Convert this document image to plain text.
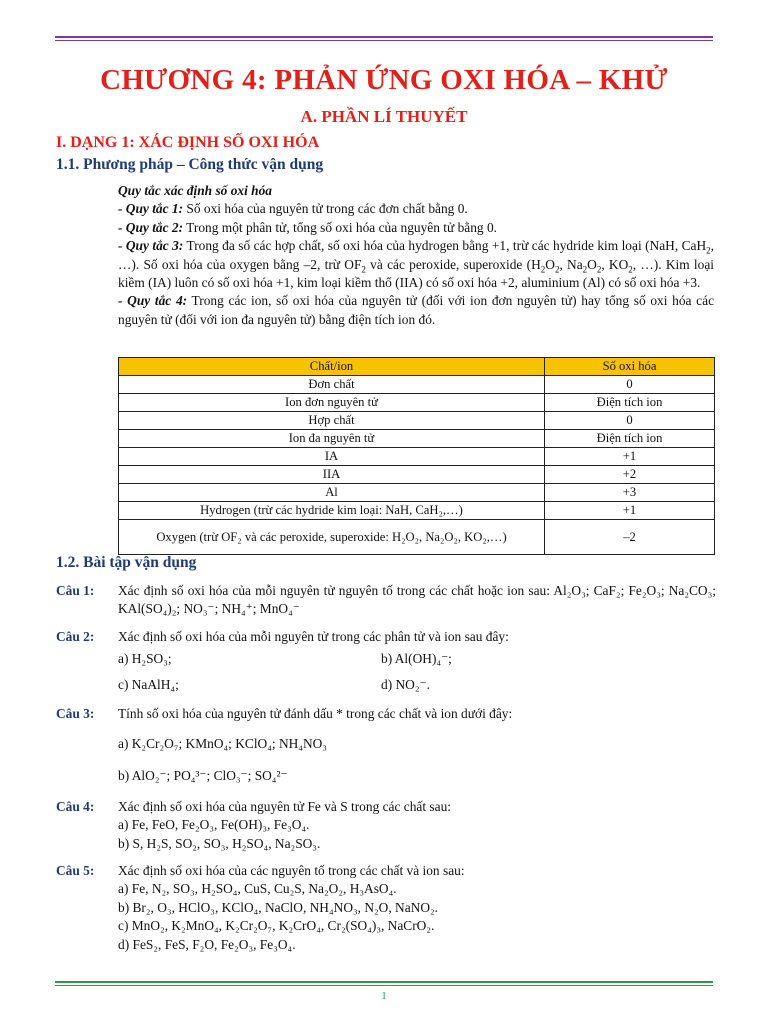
CHƯƠNG 4: PHẢN ỨNG OXI HÓA – KHỬ
A. PHẦN LÍ THUYẾT
I. DẠNG 1: XÁC ĐỊNH SỐ OXI HÓA
1.1. Phương pháp – Công thức vận dụng
Quy tắc xác định số oxi hóa
- Quy tắc 1: Số oxi hóa của nguyên tử trong các đơn chất bằng 0.
- Quy tắc 2: Trong một phân tử, tổng số oxi hóa của nguyên tử bằng 0.
- Quy tắc 3: Trong đa số các hợp chất, số oxi hóa của hydrogen bằng +1, trừ các hydride kim loại (NaH, CaH$_2$, …). Số oxi hóa của oxygen bằng –2, trừ $OF_2$ và các peroxide, superoxide ($H_2O_2$, $Na_2O_2$, $KO_2$, …). Kim loại kiềm (IA) luôn có số oxi hóa +1, kim loại kiềm thổ (IIA) có số oxi hóa +2, aluminium (Al) có số oxi hóa +3.
- Quy tắc 4: Trong các ion, số oxi hóa của nguyên tử (đối với ion đơn nguyên tử) hay tổng số oxi hóa các nguyên tử (đối với ion đa nguyên tử) bằng điện tích ion đó.
Chất/ion	Số oxi hóa
Đơn chất	0
Ion đơn nguyên tử	Điện tích ion
Hợp chất	0
Ion đa nguyên tử	Điện tích ion
IA	+1
IIA	+2
Al	+3
Hydrogen (trừ các hydride kim loại: NaH, CaH₂,…)	+1
Oxygen (trừ OF₂ và các peroxide, superoxide: H₂O₂, Na₂O₂, KO₂,…)	–2
1.2. Bài tập vận dụng
Câu 1: Xác định số oxi hóa của mỗi nguyên tử nguyên tố trong các chất hoặc ion sau: Al₂O₃; CaF₂; Fe₂O₃; Na₂CO₃; KAl(SO₄)₂; NO₃⁻; NH₄⁺; MnO₄⁻
Câu 2: Xác định số oxi hóa của mỗi nguyên tử trong các phân tử và ion sau đây:
a) H₂SO₃;	b) Al(OH)₄⁻;
c) NaAlH₄;	d) NO₂⁻.
Câu 3: Tính số oxi hóa của nguyên tử đánh dấu * trong các chất và ion dưới đây:
a) K₂Cr₂O₇; KMnO₄; KClO₄; NH₄NO₃
b) AlO₂⁻; PO₄³⁻; ClO₃⁻; SO₄²⁻
Câu 4: Xác định số oxi hóa của nguyên tử Fe và S trong các chất sau:
a) Fe, FeO, Fe₂O₃, Fe(OH)₃, Fe₃O₄.
b) S, H₂S, SO₂, SO₃, H₂SO₄, Na₂SO₃.
Câu 5: Xác định số oxi hóa của các nguyên tố trong các chất và ion sau:
a) Fe, N₂, SO₃, H₂SO₄, CuS, Cu₂S, Na₂O₂, H₃AsO₄.
b) Br₂, O₃, HClO₃, KClO₄, NaClO, NH₄NO₃, N₂O, NaNO₂.
c) MnO₂, K₂MnO₄, K₂Cr₂O₇, K₂CrO₄, Cr₂(SO₄)₃, NaCrO₂.
d) FeS₂, FeS, F₂O, Fe₂O₃, Fe₃O₄.
1
